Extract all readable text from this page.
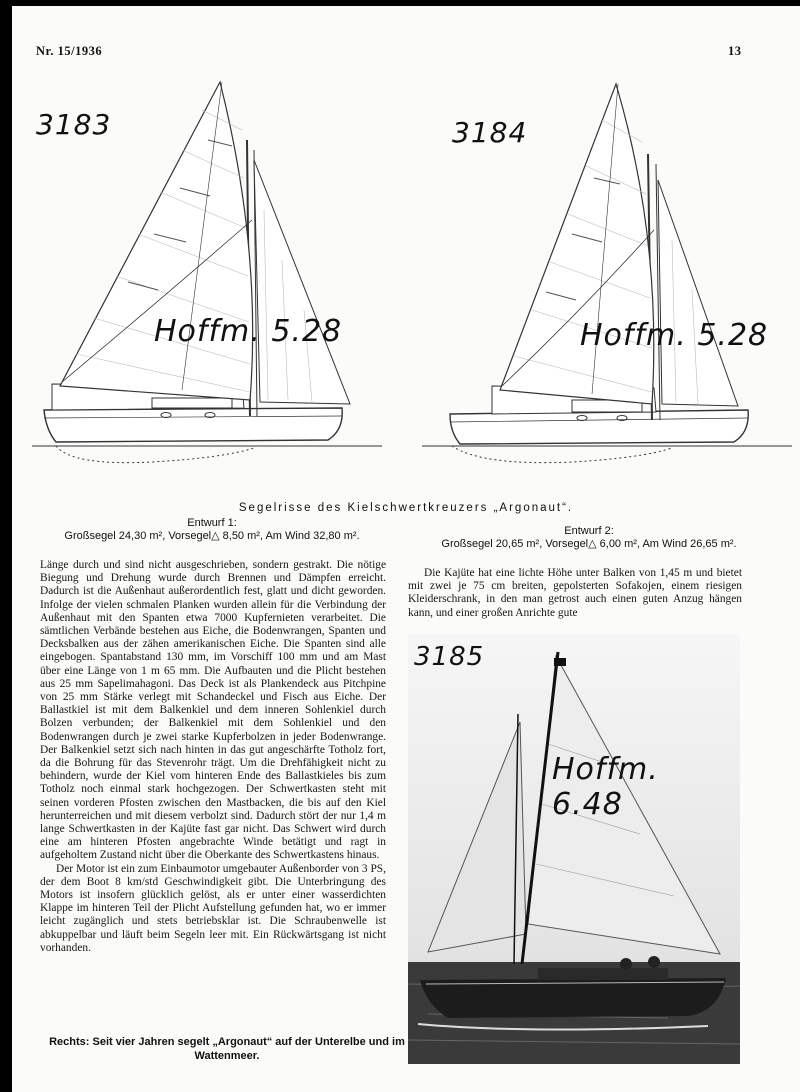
Nr. 15/1936	13
3183	3184
Hoffm. 5.28	Hoffm. 5.28
Segelrisse des Kielschwertkreuzers „Argonaut“.
Entwurf 1:
Großsegel 24,30 m², Vorsegel△ 8,50 m², Am Wind 32,80 m².	Entwurf 2:
Großsegel 20,65 m², Vorsegel△ 6,00 m², Am Wind 26,65 m².

Länge durch und sind nicht ausgeschrieben, sondern gestrakt. Die nötige Biegung und Drehung wurde durch Brennen und Dämpfen erreicht. Dadurch ist die Außenhaut außerordentlich fest, glatt und dicht geworden. Infolge der vielen schmalen Planken wurden allein für die Verbindung der Außenhaut mit den Spanten etwa 7000 Kupfernieten verarbeitet. Die sämtlichen Verbände bestehen aus Eiche, die Bodenwrangen, Spanten und Decksbalken aus der zähen amerikanischen Eiche. Die Spanten sind alle eingebogen. Spantabstand 130 mm, im Vorschiff 100 mm und am Mast über eine Länge von 1 m 65 mm. Die Aufbauten und die Plicht bestehen aus 25 mm Sapelimahagoni. Das Deck ist als Plankendeck aus Pitchpine von 25 mm Stärke verlegt mit Schandeckel und Fisch aus Eiche. Der Ballastkiel ist mit dem Balkenkiel und dem inneren Sohlenkiel durch Bolzen verbunden; der Balkenkiel mit dem Sohlenkiel und den Bodenwrangen durch je zwei starke Kupferbolzen in jeder Bodenwrange. Der Balkenkiel setzt sich nach hinten in das gut angeschärfte Totholz fort, da die Bohrung für das Stevenrohr trägt. Um die Drehfähigkeit nicht zu behindern, wurde der Kiel vom hinteren Ende des Ballastkieles bis zum Totholz noch einmal stark hochgezogen. Der Schwertkasten steht mit seinen vorderen Pfosten zwischen den Mastbacken, die bis auf den Kiel herunterreichen und mit diesem verbolzt sind. Dadurch stört der nur 1,4 m lange Schwertkasten in der Kajüte fast gar nicht. Das Schwert wird durch eine am hinteren Pfosten angebrachte Winde betätigt und ragt in aufgeholtem Zustand nicht über die Oberkante des Schwertkastens hinaus.

Der Motor ist ein zum Einbaumotor umgebauter Außenborder von 3 PS, der dem Boot 8 km/std Geschwindigkeit gibt. Die Unterbringung des Motors ist insofern glücklich gelöst, als er unter einer wasserdichten Klappe im hinteren Teil der Plicht Aufstellung gefunden hat, wo er immer leicht zugänglich und stets betriebsklar ist. Die Schraubenwelle ist abkuppelbar und läuft beim Segeln leer mit. Ein Rückwärtsgang ist nicht vorhanden.

Die Kajüte hat eine lichte Höhe unter Balken von 1,45 m und bietet mit zwei je 75 cm breiten, gepolsterten Sofakojen, einem riesigen Kleiderschrank, in den man getrost auch einen guten Anzug hängen kann, und einer großen Anrichte gute

3185
Hoffm. 6.48
Rechts: Seit vier Jahren segelt „Argonaut“ auf der Unterelbe und im Wattenmeer.
